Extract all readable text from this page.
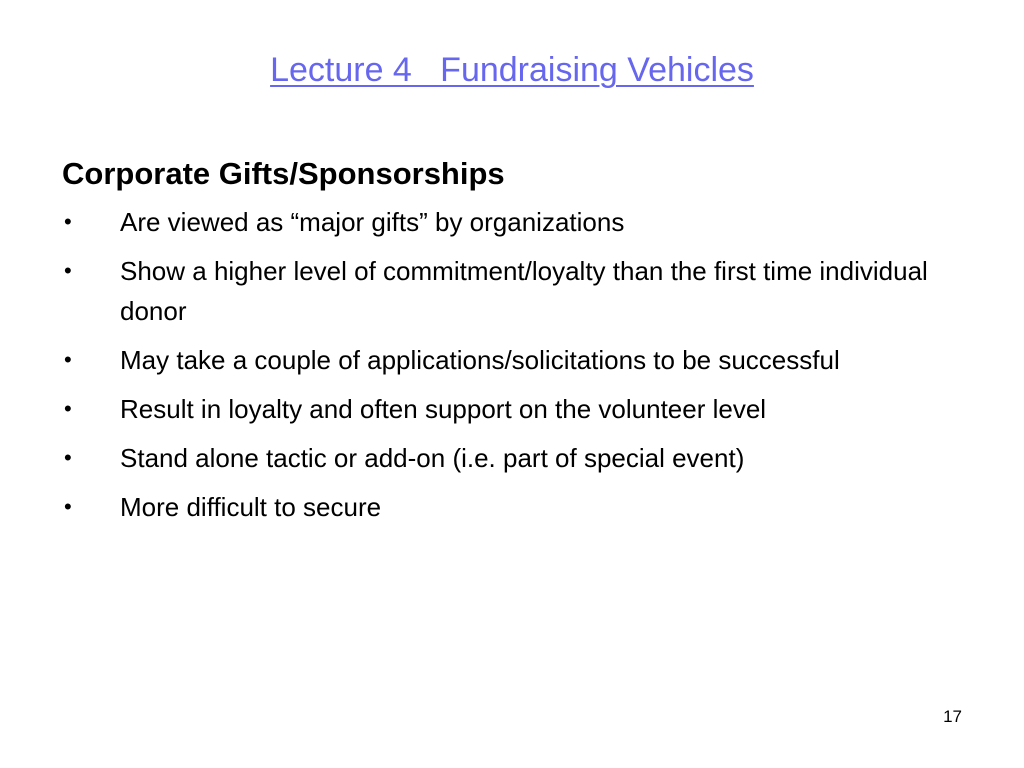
Lecture 4   Fundraising Vehicles
Corporate Gifts/Sponsorships
•	Are viewed as “major gifts” by organizations
•	Show a higher level of commitment/loyalty than the first time individual donor
•	May take a couple of applications/solicitations to be successful
•	Result in loyalty and often support on the volunteer level
•	Stand alone tactic or add-on (i.e. part of special event)
•	More difficult to secure
17
